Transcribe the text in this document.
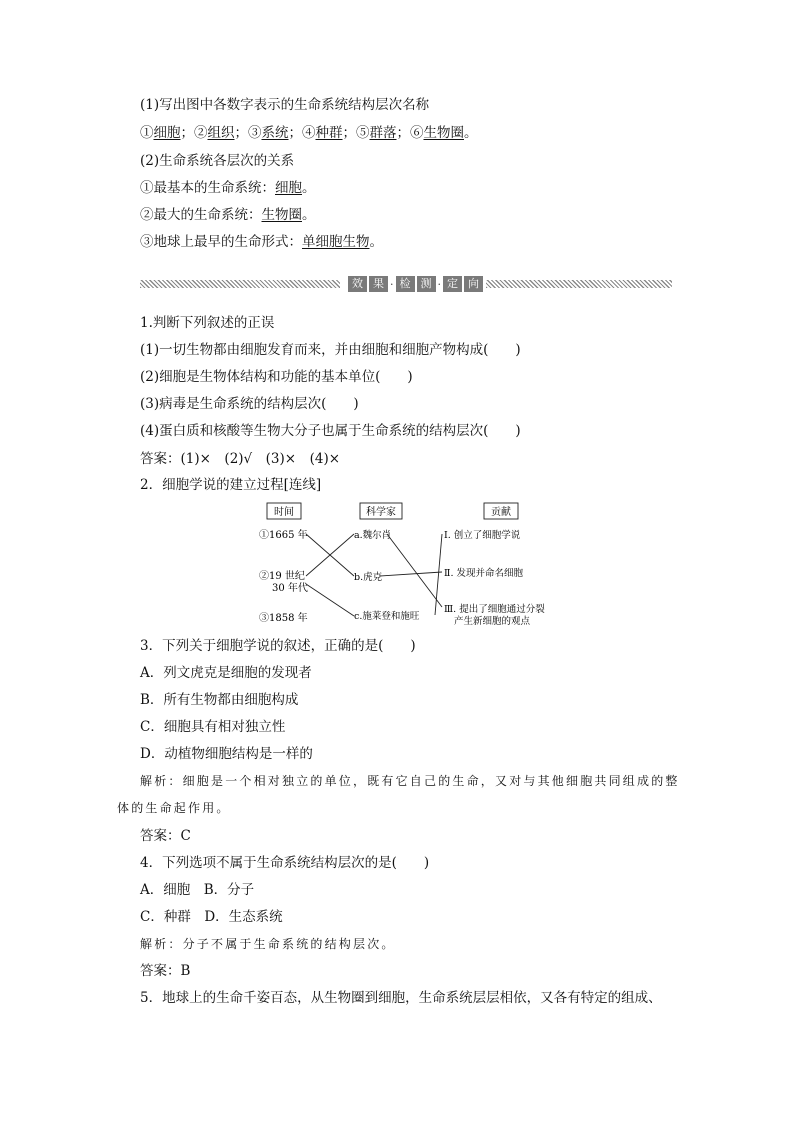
(1)写出图中各数字表示的生命系统结构层次名称
①细胞；②组织；③系统；④种群；⑤群落；⑥生物圈。
(2)生命系统各层次的关系
①最基本的生命系统：细胞。
②最大的生命系统：生物圈。
③地球上最早的生命形式：单细胞生物。
效 果 · 检 测 · 定 向
1.判断下列叙述的正误
(1)一切生物都由细胞发育而来，并由细胞和细胞产物构成(　　)
(2)细胞是生物体结构和功能的基本单位(　　)
(3)病毒是生命系统的结构层次(　　)
(4)蛋白质和核酸等生物大分子也属于生命系统的结构层次(　　)
答案：(1)×　(2)√　(3)×　(4)×
2．细胞学说的建立过程[连线]
时间	科学家	贡献
①1665 年
②19 世纪
30 年代
③1858 年
a.魏尔肖
b.虎克
c.施莱登和施旺
Ⅰ. 创立了细胞学说
Ⅱ. 发现并命名细胞
Ⅲ. 提出了细胞通过分裂
产生新细胞的观点
3．下列关于细胞学说的叙述，正确的是(　　)
A．列文虎克是细胞的发现者
B．所有生物都由细胞构成
C．细胞具有相对独立性
D．动植物细胞结构是一样的
解析：细胞是一个相对独立的单位，既有它自己的生命，又对与其他细胞共同组成的整
体的生命起作用。
答案：C
4．下列选项不属于生命系统结构层次的是(　　)
A．细胞　B．分子
C．种群　D．生态系统
解析：分子不属于生命系统的结构层次。
答案：B
5．地球上的生命千姿百态，从生物圈到细胞，生命系统层层相依，又各有特定的组成、
